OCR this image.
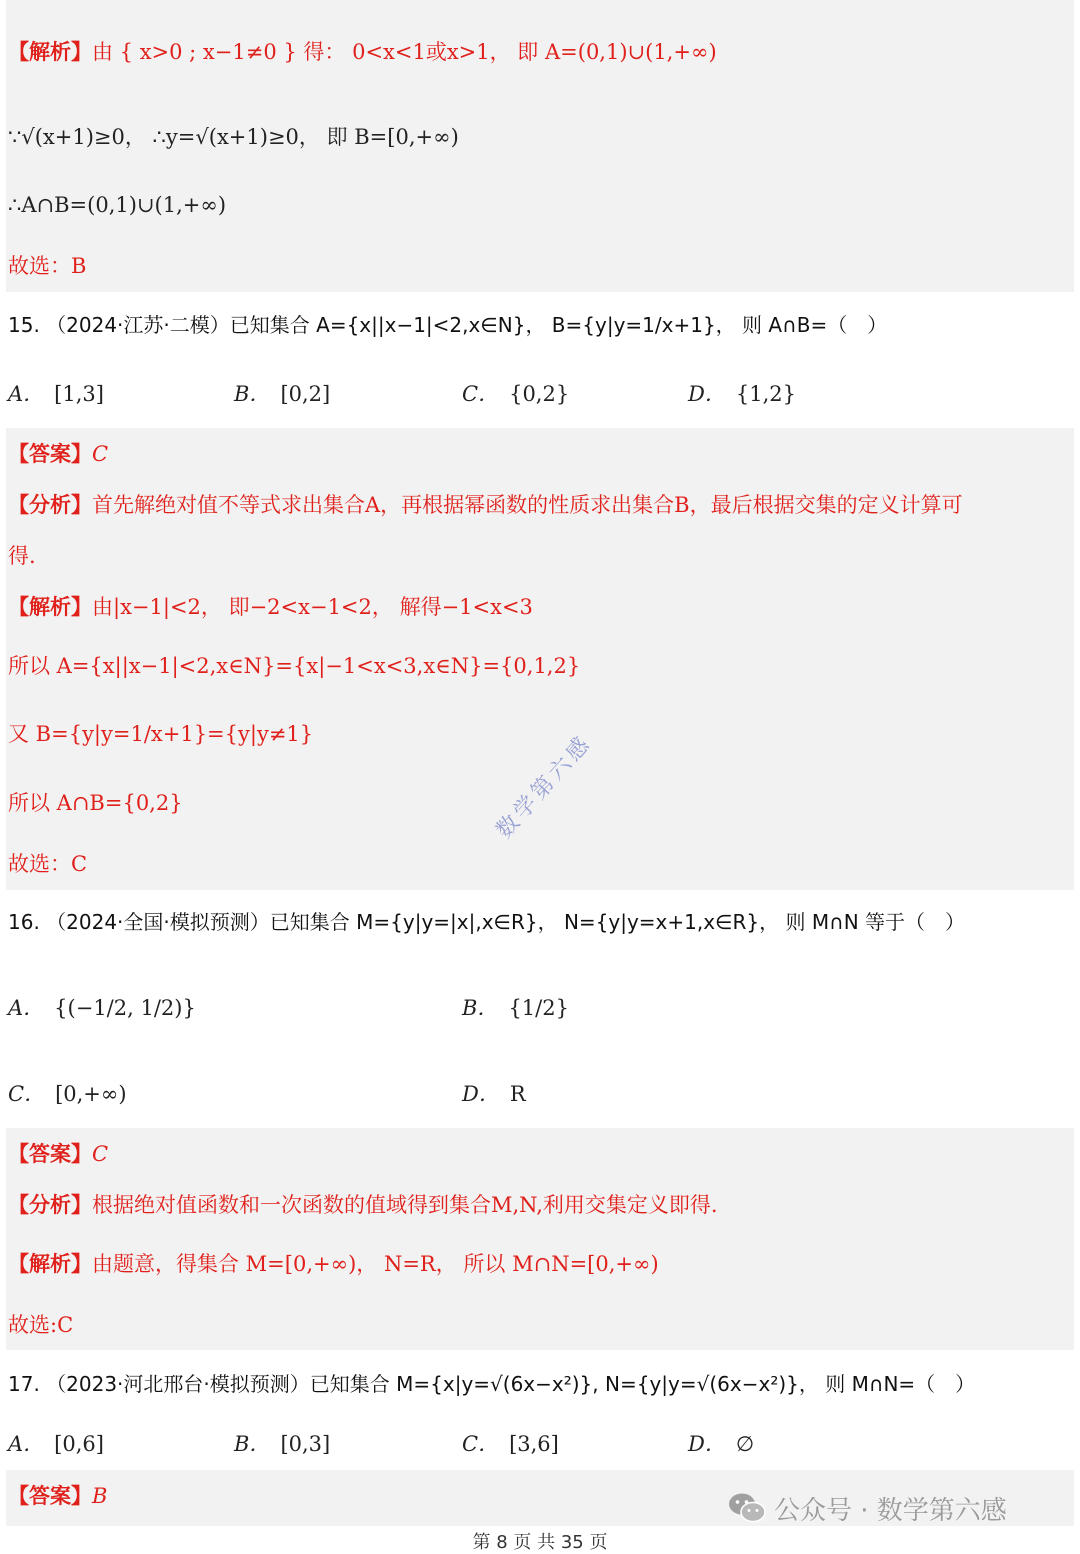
【解析】由 { x>0 ; x−1≠0 } 得： 0<x<1或x>1， 即 A=(0,1)∪(1,+∞)
∵√(x+1)≥0， ∴y=√(x+1)≥0， 即 B=[0,+∞)
∴A∩B=(0,1)∪(1,+∞)
故选：B
15. （2024·江苏·二模）已知集合 A={x||x−1|<2,x∈N}， B={y|y=1/x+1}， 则 A∩B=（　）
A． [1,3]	B． [0,2]	C． {0,2}	D． {1,2}
【答案】C
【分析】首先解绝对值不等式求出集合A，再根据幂函数的性质求出集合B，最后根据交集的定义计算可
得.
【解析】由|x−1|<2， 即−2<x−1<2， 解得−1<x<3
所以 A={x||x−1|<2,x∈N}={x|−1<x<3,x∈N}={0,1,2}
又 B={y|y=1/x+1}={y|y≠1}
所以 A∩B={0,2}
故选：C
数学第六感
16. （2024·全国·模拟预测）已知集合 M={y|y=|x|,x∈R}， N={y|y=x+1,x∈R}， 则 M∩N 等于（　）
A． {(−1/2, 1/2)}	B． {1/2}
C． [0,+∞)	D． R
【答案】C
【分析】根据绝对值函数和一次函数的值域得到集合M,N,利用交集定义即得.
【解析】由题意，得集合 M=[0,+∞)， N=R， 所以 M∩N=[0,+∞)
故选:C
17. （2023·河北邢台·模拟预测）已知集合 M={x|y=√(6x−x²)}, N={y|y=√(6x−x²)}， 则 M∩N=（　）
A． [0,6]	B． [0,3]	C． [3,6]	D． ∅
【答案】B	公众号 · 数学第六感
第 8 页 共 35 页
